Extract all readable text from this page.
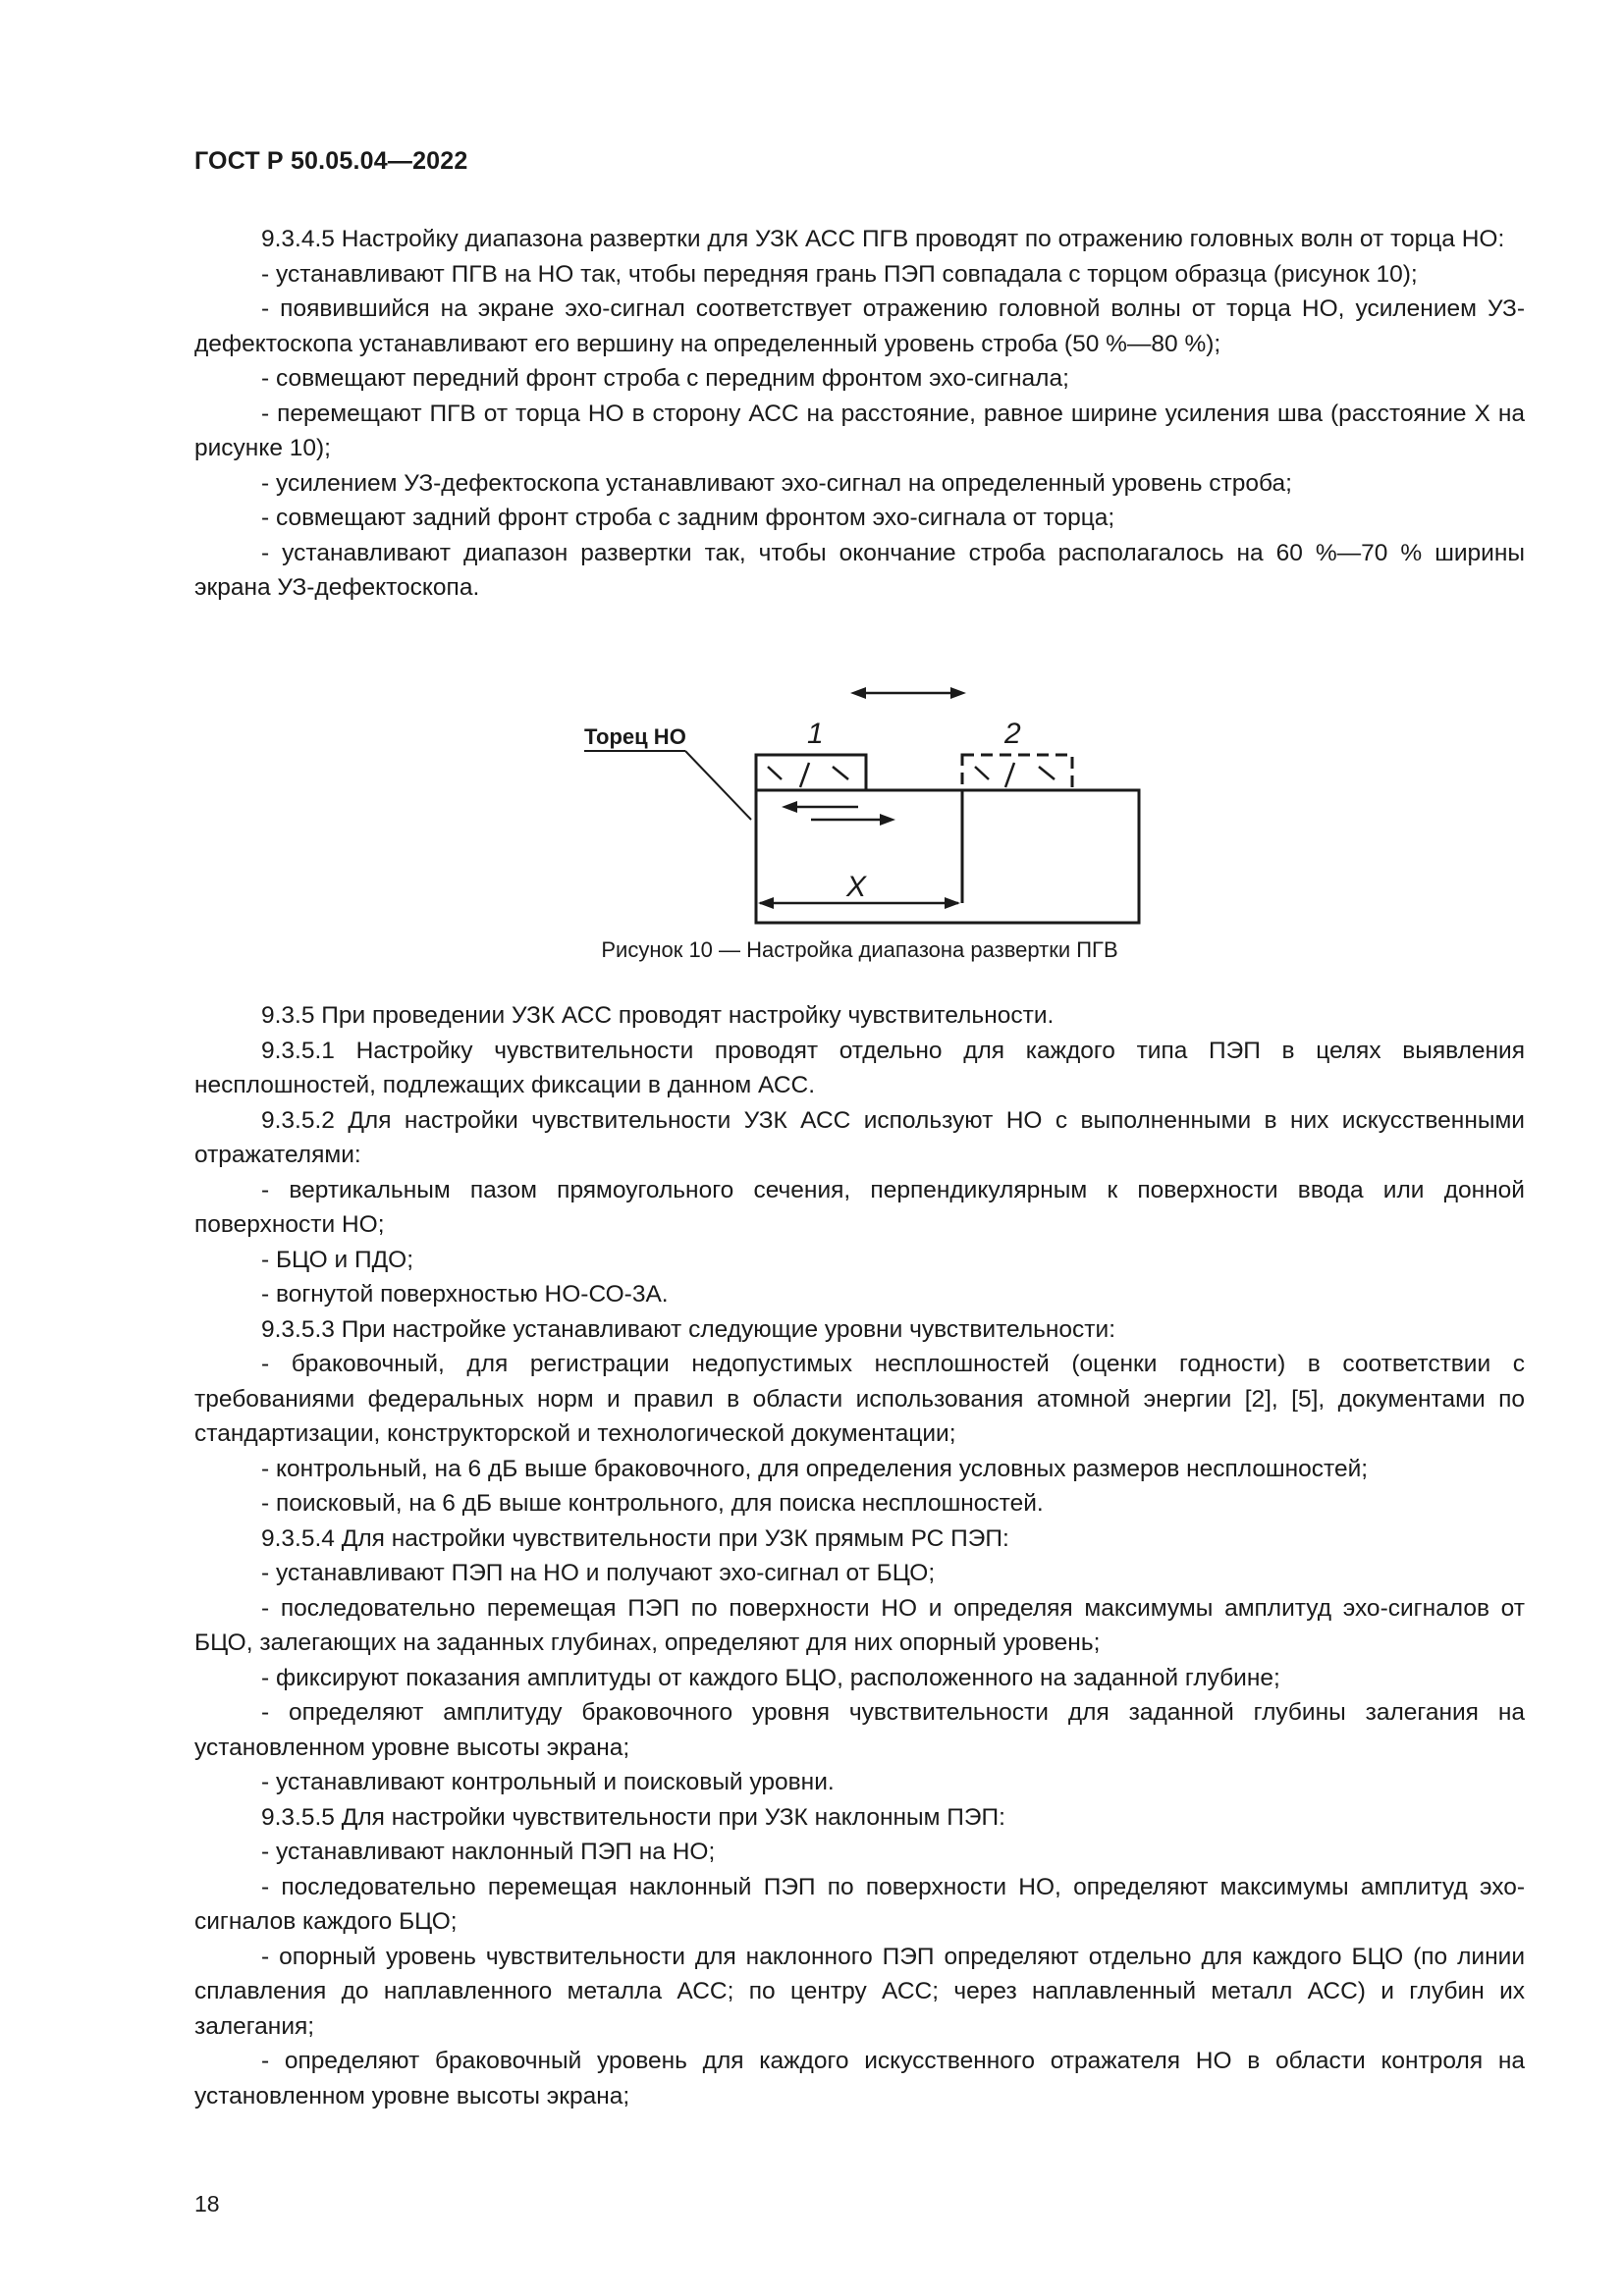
ГОСТ Р 50.05.04—2022

9.3.4.5 Настройку диапазона развертки для УЗК АСС ПГВ проводят по отражению головных волн от торца НО:

- устанавливают ПГВ на НО так, чтобы передняя грань ПЭП совпадала с торцом образца (рисунок 10);

- появившийся на экране эхо-сигнал соответствует отражению головной волны от торца НО, усилением УЗ-дефектоскопа устанавливают его вершину на определенный уровень строба (50 %—80 %);

- совмещают передний фронт строба с передним фронтом эхо-сигнала;

- перемещают ПГВ от торца НО в сторону АСС на расстояние, равное ширине усиления шва (расстояние X на рисунке 10);

- усилением УЗ-дефектоскопа устанавливают эхо-сигнал на определенный уровень строба;

- совмещают задний фронт строба с задним фронтом эхо-сигнала от торца;

- устанавливают диапазон развертки так, чтобы окончание строба располагалось на 60 %—70 % ширины экрана УЗ-дефектоскопа.

Торец НО	1	2
X
Рисунок 10 — Настройка диапазона развертки ПГВ

9.3.5 При проведении УЗК АСС проводят настройку чувствительности.

9.3.5.1 Настройку чувствительности проводят отдельно для каждого типа ПЭП в целях выявления несплошностей, подлежащих фиксации в данном АСС.

9.3.5.2 Для настройки чувствительности УЗК АСС используют НО с выполненными в них искусственными отражателями:

- вертикальным пазом прямоугольного сечения, перпендикулярным к поверхности ввода или донной поверхности НО;

- БЦО и ПДО;

- вогнутой поверхностью НО-СО-3А.

9.3.5.3 При настройке устанавливают следующие уровни чувствительности:

- браковочный, для регистрации недопустимых несплошностей (оценки годности) в соответствии с требованиями федеральных норм и правил в области использования атомной энергии [2], [5], документами по стандартизации, конструкторской и технологической документации;

- контрольный, на 6 дБ выше браковочного, для определения условных размеров несплошностей;

- поисковый, на 6 дБ выше контрольного, для поиска несплошностей.

9.3.5.4 Для настройки чувствительности при УЗК прямым РС ПЭП:

- устанавливают ПЭП на НО и получают эхо-сигнал от БЦО;

- последовательно перемещая ПЭП по поверхности НО и определяя максимумы амплитуд эхо-сигналов от БЦО, залегающих на заданных глубинах, определяют для них опорный уровень;

- фиксируют показания амплитуды от каждого БЦО, расположенного на заданной глубине;

- определяют амплитуду браковочного уровня чувствительности для заданной глубины залегания на установленном уровне высоты экрана;

- устанавливают контрольный и поисковый уровни.

9.3.5.5 Для настройки чувствительности при УЗК наклонным ПЭП:

- устанавливают наклонный ПЭП на НО;

- последовательно перемещая наклонный ПЭП по поверхности НО, определяют максимумы амплитуд эхо-сигналов каждого БЦО;

- опорный уровень чувствительности для наклонного ПЭП определяют отдельно для каждого БЦО (по линии сплавления до наплавленного металла АСС; по центру АСС; через наплавленный металл АСС) и глубин их залегания;

- определяют браковочный уровень для каждого искусственного отражателя НО в области контроля на установленном уровне высоты экрана;

18
